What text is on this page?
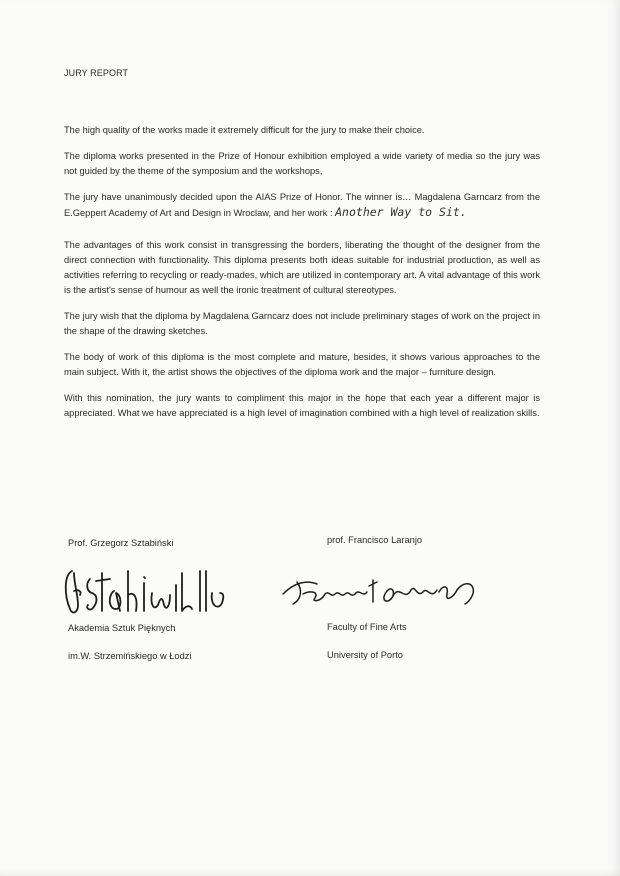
JURY REPORT

The high quality of the works made it extremely difficult for the jury to make their choice.

The diploma works presented in the Prize of Honour exhibition employed a wide variety of media so the jury was not guided by the theme of the symposium and the workshops,

The jury have unanimously decided upon the AIAS Prize of Honor. The winner is… Magdalena Garncarz from the E.Geppert Academy of Art and Design in Wroclaw, and her work : Another Way to Sit.

The advantages of this work consist in transgressing the borders, liberating the thought of the designer from the direct connection with functionality. This diploma presents both ideas suitable for industrial production, as well as activities referring to recycling or ready-mades, which are utilized in contemporary art. A vital advantage of this work is the artist's sense of humour as well the ironic treatment of cultural stereotypes.

The jury wish that the diploma by Magdalena Garncarz does not include preliminary stages of work on the project in the shape of the drawing sketches.

The body of work of this diploma is the most complete and mature, besides, it shows various approaches to the main subject. With it, the artist shows the objectives of the diploma work and the major – furniture design.

With this nomination, the jury wants to compliment this major in the hope that each year a different major is appreciated. What we have appreciated is a high level of imagination combined with a high level of realization skills.

Prof. Grzegorz Sztabiński
Akademia Sztuk Pięknych
im.W. Strzemińskiego w Łodzi
prof. Francisco Laranjo
Faculty of Fine Arts
University of Porto
